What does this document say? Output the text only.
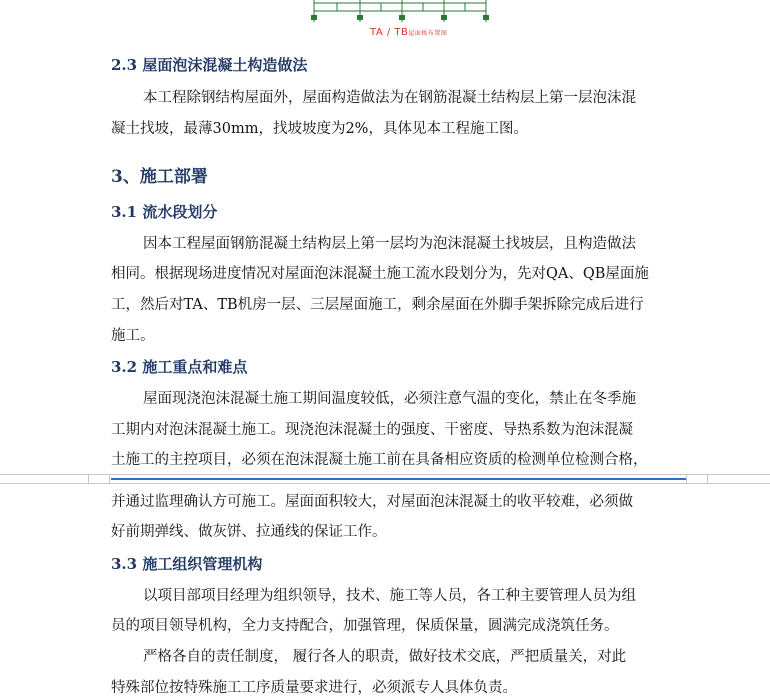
TA / TB屋面板布置图
2.3 屋面泡沫混凝土构造做法
本工程除钢结构屋面外，屋面构造做法为在钢筋混凝土结构层上第一层泡沫混
凝土找坡，最薄30mm，找坡坡度为2%，具体见本工程施工图。
3、施工部署
3.1 流水段划分
因本工程屋面钢筋混凝土结构层上第一层均为泡沫混凝土找坡层，且构造做法
相同。根据现场进度情况对屋面泡沫混凝土施工流水段划分为，先对QA、QB屋面施
工，然后对TA、TB机房一层、三层屋面施工，剩余屋面在外脚手架拆除完成后进行
施工。
3.2 施工重点和难点
屋面现浇泡沫混凝土施工期间温度较低，必须注意气温的变化，禁止在冬季施
工期内对泡沫混凝土施工。现浇泡沫混凝土的强度、干密度、导热系数为泡沫混凝
土施工的主控项目，必须在泡沫混凝土施工前在具备相应资质的检测单位检测合格，
并通过监理确认方可施工。屋面面积较大，对屋面泡沫混凝土的收平较难，必须做
好前期弹线、做灰饼、拉通线的保证工作。
3.3 施工组织管理机构
以项目部项目经理为组织领导，技术、施工等人员，各工种主要管理人员为组
员的项目领导机构，全力支持配合，加强管理，保质保量，圆满完成浇筑任务。
严格各自的责任制度， 履行各人的职责，做好技术交底，严把质量关，对此
特殊部位按特殊施工工序质量要求进行，必须派专人具体负责。
